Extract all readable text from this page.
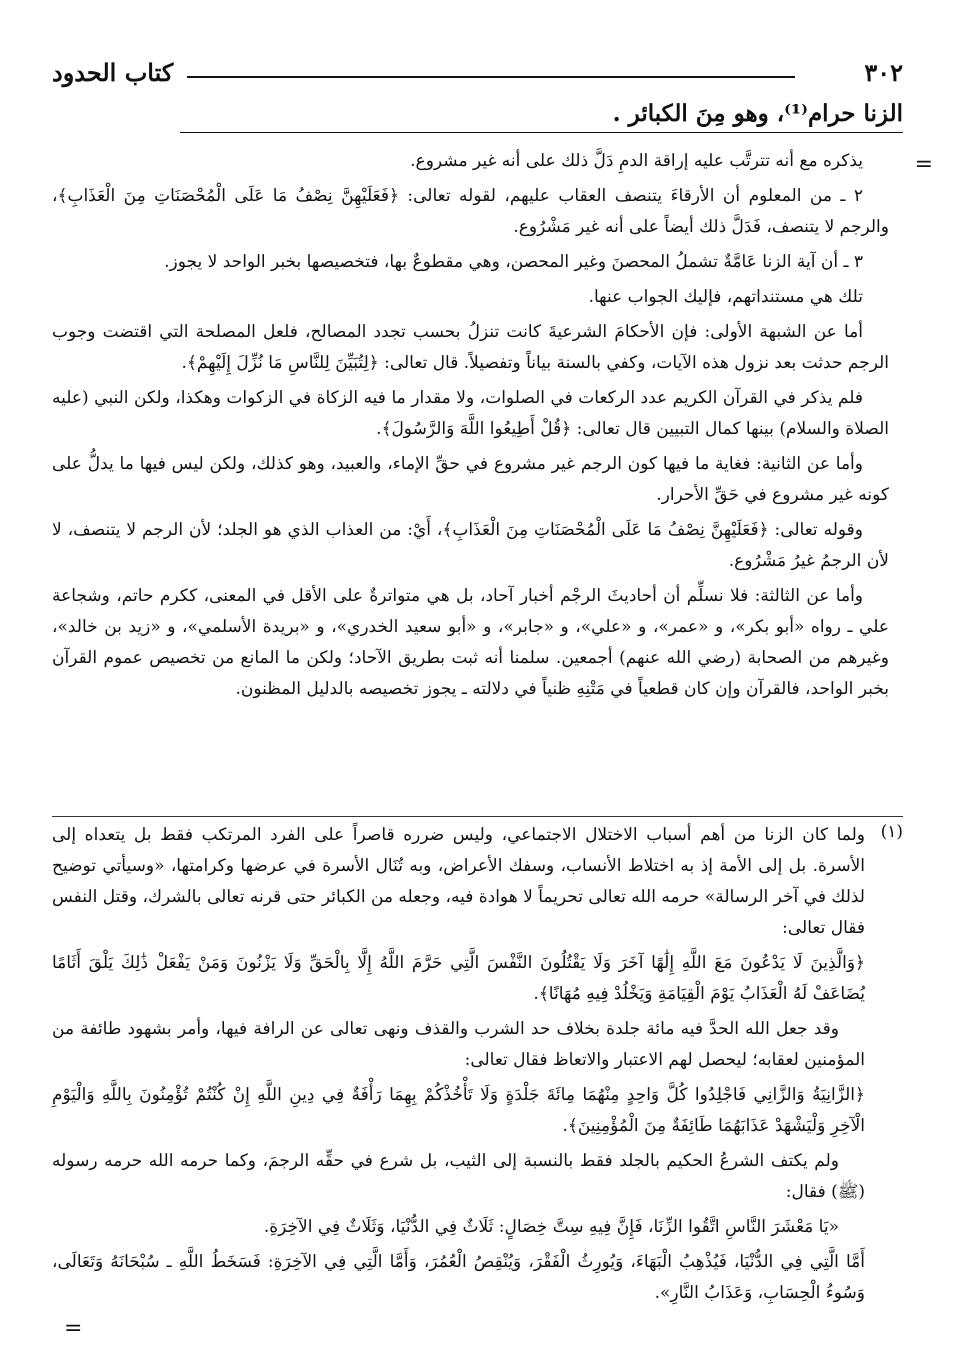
٣٠٢
كتاب الحدود
الزنا حرام⁽¹⁾، وهو مِنَ الكبائر .
=

يذكره مع أنه تترتَّب عليه إراقة الدمِ دَلَّ ذلك على أنه غير مشروع.

٢ ـ من المعلوم أن الأرقاءَ يتنصف العقاب عليهم، لقوله تعالى: ﴿فَعَلَيْهِنَّ نِصْفُ مَا عَلَى الْمُحْصَنَاتِ مِنَ الْعَذَابِ﴾، والرجم لا يتنصف، فَدَلَّ ذلك أيضاً على أنه غير مَشْرُوع.

٣ ـ أن آية الزنا عَامَّةٌ تشملُ المحصنَ وغير المحصن، وهي مقطوعٌ بها، فتخصيصها بخبر الواحد لا يجوز.

تلك هي مستنداتهم، فإليك الجواب عنها.

أما عن الشبهة الأولى: فإن الأحكامَ الشرعيةَ كانت تنزلُ بحسب تجدد المصالح، فلعل المصلحة التي اقتضت وجوب الرجم حدثت بعد نزول هذه الآيات، وكفي بالسنة بياناً وتفصيلاً. قال تعالى: ﴿لِتُبَيِّنَ لِلنَّاسِ مَا نُزِّلَ إِلَيْهِمْ﴾.

فلم يذكر في القرآن الكريم عدد الركعات في الصلوات، ولا مقدار ما فيه الزكاة في الزكوات وهكذا، ولكن النبي (عليه الصلاة والسلام) بينها كمال التبيين قال تعالى: ﴿قُلْ أَطِيعُوا اللَّهَ وَالرَّسُولَ﴾.

وأما عن الثانية: فغاية ما فيها كون الرجم غير مشروع في حقِّ الإماء، والعبيد، وهو كذلك، ولكن ليس فيها ما يدلُّ على كونه غير مشروع في حَقِّ الأحرار.

وقوله تعالى: ﴿فَعَلَيْهِنَّ نِصْفُ مَا عَلَى الْمُحْصَنَاتِ مِنَ الْعَذَابِ﴾، أَيْ: من العذاب الذي هو الجلد؛ لأن الرجم لا يتنصف، لا لأن الرجمُ غيرُ مَشْرُوع.

وأما عن الثالثة: فلا نسلِّم أن أحاديثَ الرجْم أخبار آحاد، بل هي متواترةٌ على الأقل في المعنى، ككرم حاتم، وشجاعة علي ـ رواه «أبو بكر»، و «عمر»، و «علي»، و «جابر»، و «أبو سعيد الخدري»، و «بريدة الأسلمي»، و «زيد بن خالد»، وغيرهم من الصحابة (رضي الله عنهم) أجمعين. سلمنا أنه ثبت بطريق الآحاد؛ ولكن ما المانع من تخصيص عموم القرآن بخبر الواحد، فالقرآن وإن كان قطعياً في مَتْنِهِ ظنياً في دلالته ـ يجوز تخصيصه بالدليل المظنون.

(١)

ولما كان الزنا من أهم أسباب الاختلال الاجتماعي، وليس ضرره قاصراً على الفرد المرتكب فقط بل يتعداه إلى الأسرة. بل إلى الأمة إذ به اختلاط الأنساب، وسفك الأعراض، وبه تُنَال الأسرة في عرضها وكرامتها، «وسيأتي توضيح لذلك في آخر الرسالة» حرمه الله تعالى تحريماً لا هوادة فيه، وجعله من الكبائر حتى قرنه تعالى بالشرك، وقتل النفس فقال تعالى:

﴿وَالَّذِينَ لَا يَدْعُونَ مَعَ اللَّهِ إِلَٰهًا آخَرَ وَلَا يَقْتُلُونَ النَّفْسَ الَّتِي حَرَّمَ اللَّهُ إِلَّا بِالْحَقِّ وَلَا يَزْنُونَ وَمَنْ يَفْعَلْ ذَٰلِكَ يَلْقَ أَثَامًا يُضَاعَفْ لَهُ الْعَذَابُ يَوْمَ الْقِيَامَةِ وَيَخْلُدْ فِيهِ مُهَانًا﴾.

وقد جعل الله الحدَّ فيه مائة جلدة بخلاف حد الشرب والقذف ونهى تعالى عن الرافة فيها، وأمر بشهود طائفة من المؤمنين لعقابه؛ ليحصل لهم الاعتبار والاتعاظ فقال تعالى:

﴿الزَّانِيَةُ وَالزَّانِي فَاجْلِدُوا كُلَّ وَاحِدٍ مِنْهُمَا مِائَةَ جَلْدَةٍ وَلَا تَأْخُذْكُمْ بِهِمَا رَأْفَةٌ فِي دِينِ اللَّهِ إِنْ كُنْتُمْ تُؤْمِنُونَ بِاللَّهِ وَالْيَوْمِ الْآخِرِ وَلْيَشْهَدْ عَذَابَهُمَا طَائِفَةٌ مِنَ الْمُؤْمِنِينَ﴾.

ولم يكتف الشرعُ الحكيم بالجلد فقط بالنسبة إلى الثيب، بل شرع في حقِّه الرجمَ، وكما حرمه الله حرمه رسوله (ﷺ) فقال:

«يَا مَعْشَرَ النَّاسِ اتَّقُوا الزِّنَا، فَإِنَّ فِيهِ سِتَّ خِصَالٍ: ثَلَاثٌ فِي الدُّنْيَا، وَثَلَاثٌ فِي الآخِرَةِ.

أَمَّا الَّتِي فِي الدُّنْيَا، فَيُذْهِبُ الْبَهَاءَ، وَيُورِثُ الْفَقْرَ، وَيُنْقِصُ الْعُمُرَ، وَأَمَّا الَّتِي فِي الآخِرَةِ: فَسَخَطُ اللَّهِ ـ سُبْحَانَهُ وَتَعَالَى، وَسُوءُ الْحِسَابِ، وَعَذَابُ النَّارِ».

=
